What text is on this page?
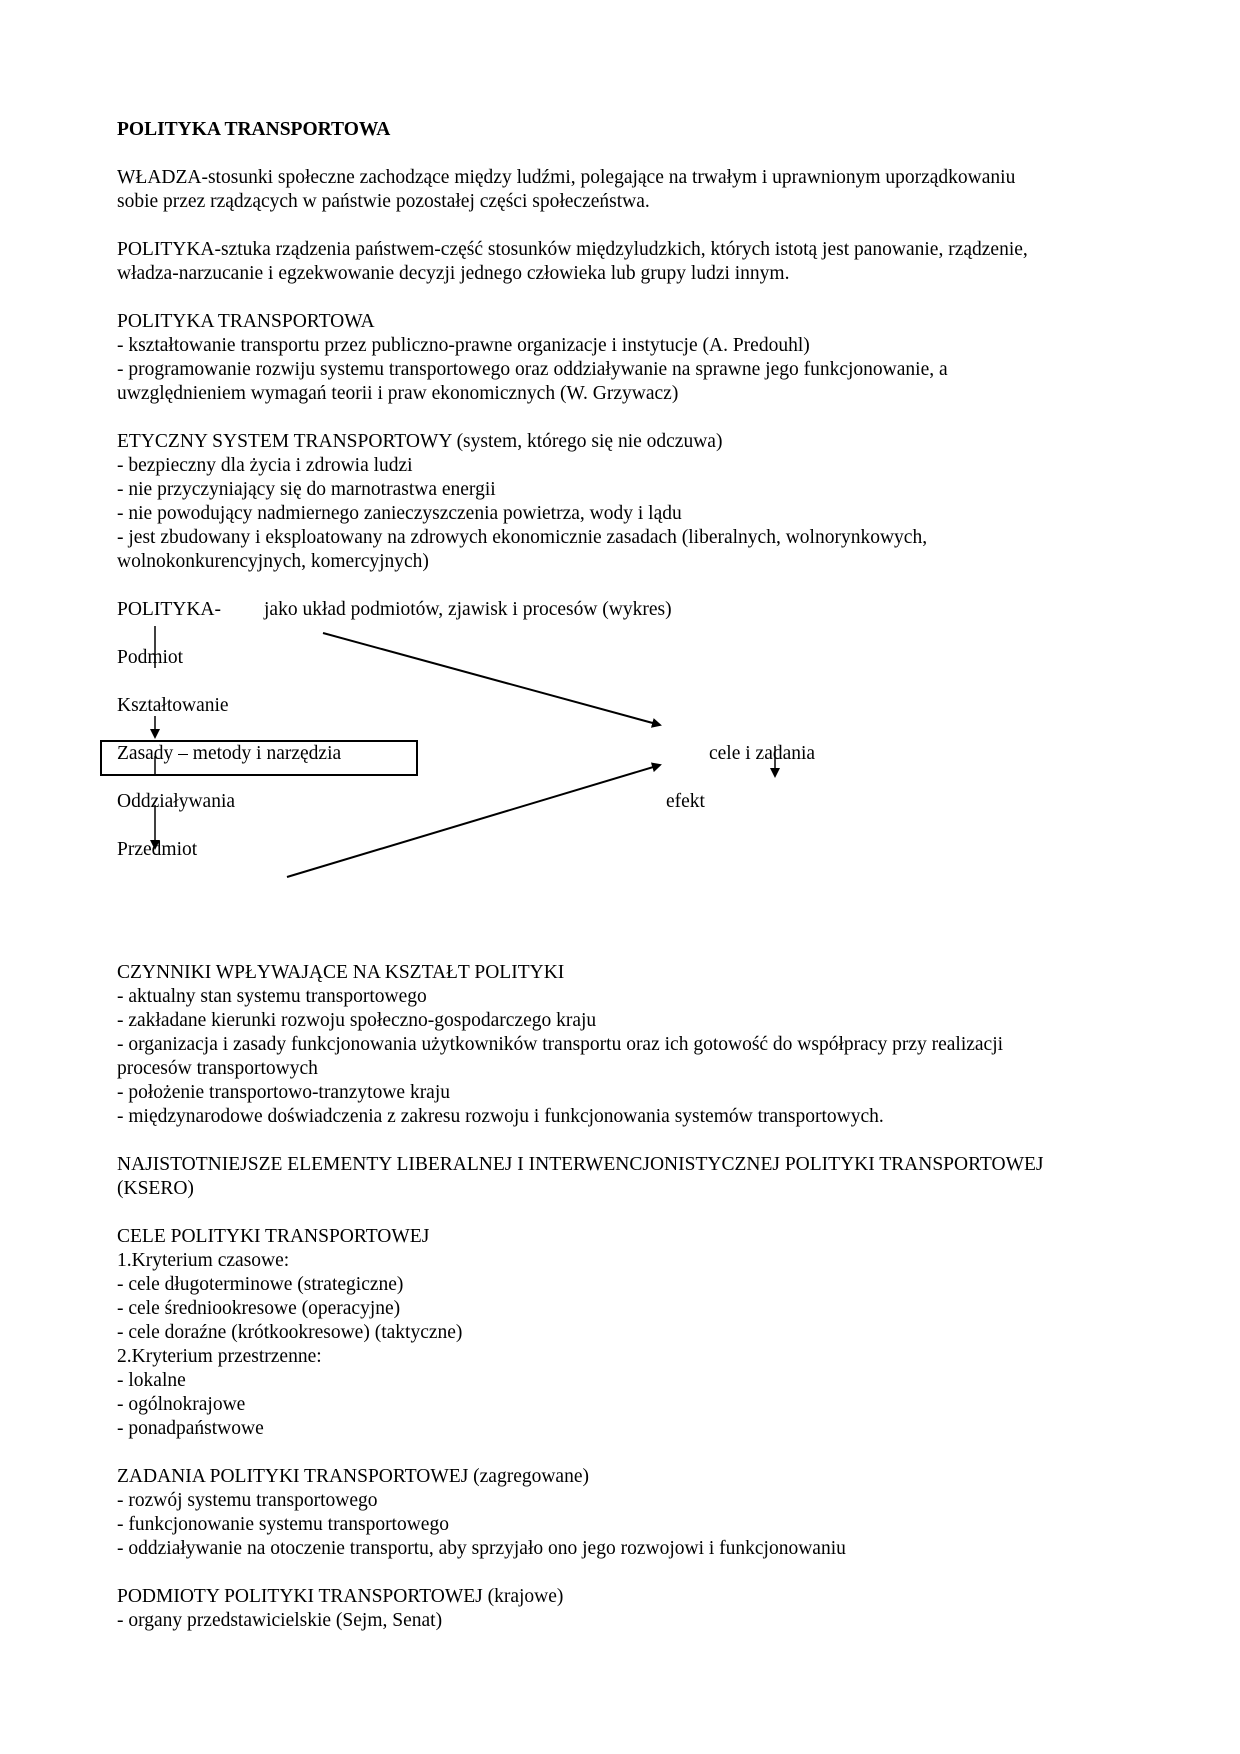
POLITYKA TRANSPORTOWA
WŁADZA-stosunki społeczne zachodzące między ludźmi, polegające na trwałym i uprawnionym uporządkowaniu
sobie przez rządzących w państwie pozostałej części społeczeństwa.
POLITYKA-sztuka rządzenia państwem-część stosunków międzyludzkich, których istotą jest panowanie, rządzenie,
władza-narzucanie i egzekwowanie decyzji jednego człowieka lub grupy ludzi innym.
POLITYKA TRANSPORTOWA
- kształtowanie transportu przez publiczno-prawne organizacje i instytucje (A. Predouhl)
- programowanie rozwiju systemu transportowego oraz oddziaływanie na sprawne jego funkcjonowanie, a
uwzględnieniem wymagań teorii i praw ekonomicznych (W. Grzywacz)
ETYCZNY SYSTEM TRANSPORTOWY (system, którego się nie odczuwa)
- bezpieczny dla życia i zdrowia ludzi
- nie przyczyniający się do marnotrastwa energii
- nie powodujący nadmiernego zanieczyszczenia powietrza, wody i lądu
- jest zbudowany i eksploatowany na zdrowych ekonomicznie zasadach (liberalnych, wolnorynkowych,
wolnokonkurencyjnych, komercyjnych)
POLITYKA- jako układ podmiotów, zjawisk i procesów (wykres)
Podmiot
Kształtowanie
Zasady – metody i narzędzia	cele i zadania
Oddziaływania	efekt
Przedmiot
CZYNNIKI WPŁYWAJĄCE NA KSZTAŁT POLITYKI
- aktualny stan systemu transportowego
- zakładane kierunki rozwoju społeczno-gospodarczego kraju
- organizacja i zasady funkcjonowania użytkowników transportu oraz ich gotowość do współpracy przy realizacji
procesów transportowych
- położenie transportowo-tranzytowe kraju
- międzynarodowe doświadczenia z zakresu rozwoju i funkcjonowania systemów transportowych.
NAJISTOTNIEJSZE ELEMENTY LIBERALNEJ I INTERWENCJONISTYCZNEJ POLITYKI TRANSPORTOWEJ
(KSERO)
CELE POLITYKI TRANSPORTOWEJ
1.Kryterium czasowe:
- cele długoterminowe (strategiczne)
- cele średniookresowe (operacyjne)
- cele doraźne (krótkookresowe) (taktyczne)
2.Kryterium przestrzenne:
- lokalne
- ogólnokrajowe
- ponadpaństwowe
ZADANIA POLITYKI TRANSPORTOWEJ (zagregowane)
- rozwój systemu transportowego
- funkcjonowanie systemu transportowego
- oddziaływanie na otoczenie transportu, aby sprzyjało ono jego rozwojowi i funkcjonowaniu
PODMIOTY POLITYKI TRANSPORTOWEJ (krajowe)
- organy przedstawicielskie (Sejm, Senat)
